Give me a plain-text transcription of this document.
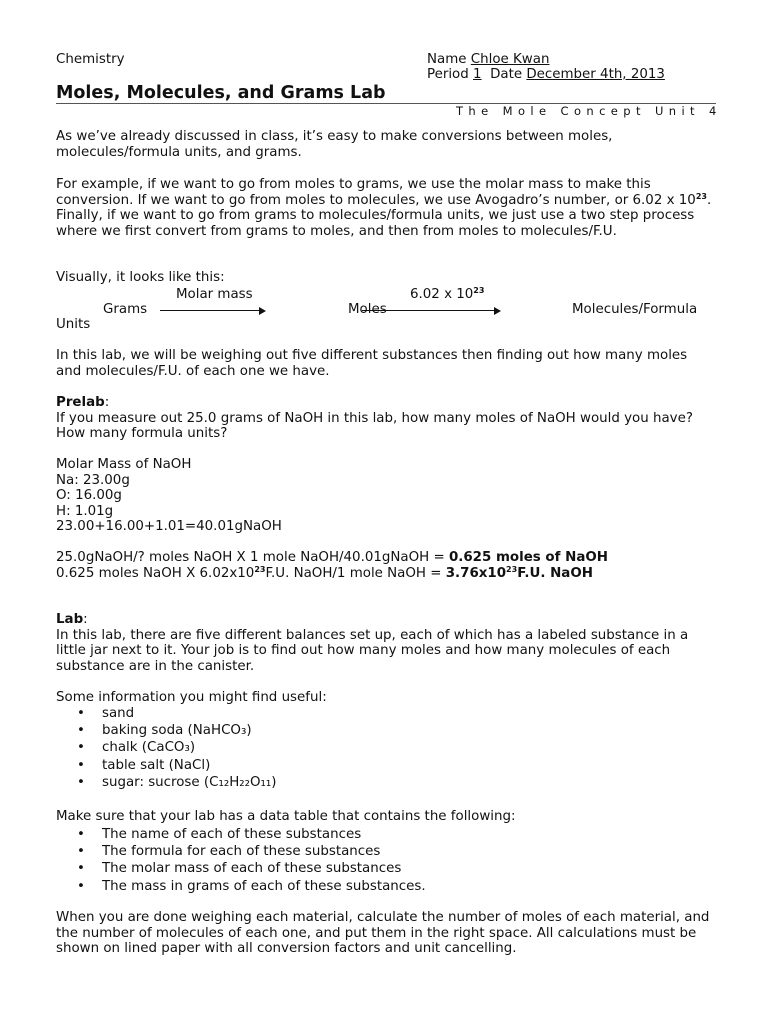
Chemistry	Name Chloe Kwan
Period 1 Date December 4th, 2013
Moles, Molecules, and Grams Lab
The Mole Concept Unit 4

As we’ve already discussed in class, it’s easy to make conversions between moles, molecules/formula units, and grams.

For example, if we want to go from moles to grams, we use the molar mass to make this conversion. If we want to go from moles to molecules, we use Avogadro’s number, or 6.02 x $10^{23}$. Finally, if we want to go from grams to molecules/formula units, we just use a two step process where we first convert from grams to moles, and then from moles to molecules/F.U.

Visually, it looks like this:

Molar mass	6.02 x $10^{23}$
Grams	Moles	Molecules/Formula
Units

In this lab, we will be weighing out five different substances then finding out how many moles and molecules/F.U. of each one we have.

Prelab:

If you measure out 25.0 grams of NaOH in this lab, how many moles of NaOH would you have? How many formula units?

Molar Mass of NaOH

Na: 23.00g

O: 16.00g

H: 1.01g

23.00+16.00+1.01=40.01gNaOH

25.0gNaOH/? moles NaOH X 1 mole NaOH/40.01gNaOH = 0.625 moles of NaOH

0.625 moles NaOH X $6.02x10^{23}F.U$. NaOH/1 mole NaOH = $3.76x10^{23}F.U$. NaOH

Lab:

In this lab, there are five different balances set up, each of which has a labeled substance in a little jar next to it. Your job is to find out how many moles and how many molecules of each substance are in the canister.

Some information you might find useful:

• sand
• baking soda (NaHCO₃)
• chalk (CaCO₃)
• table salt (NaCl)
• sugar: sucrose (C₁₂H₂₂O₁₁)

Make sure that your lab has a data table that contains the following:

• The name of each of these substances
• The formula for each of these substances
• The molar mass of each of these substances
• The mass in grams of each of these substances.

When you are done weighing each material, calculate the number of moles of each material, and the number of molecules of each one, and put them in the right space. All calculations must be shown on lined paper with all conversion factors and unit cancelling.
